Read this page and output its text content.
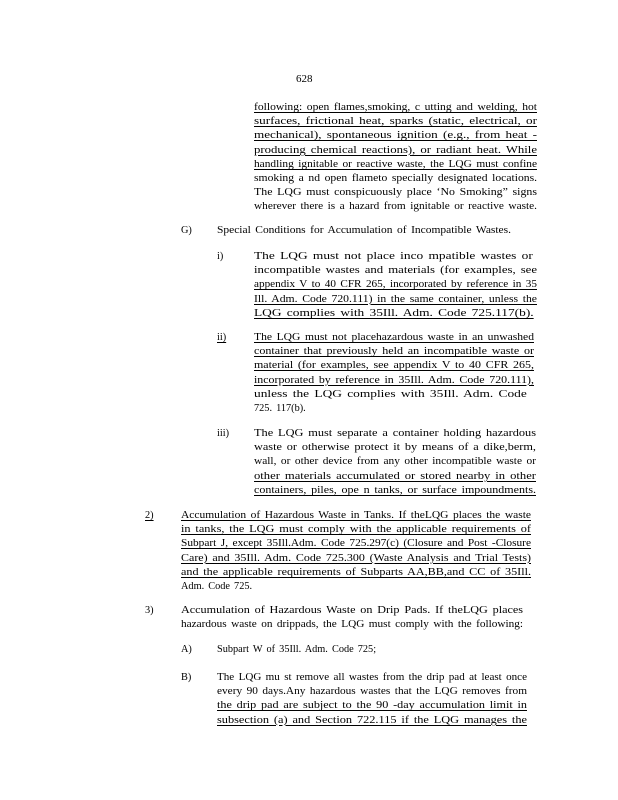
628
G)
i)
ii)
iii)
2)
3)
A)
B)
following: open flames,smoking, c utting and welding, hot
surfaces, frictional heat, sparks (static, electrical, or
mechanical), spontaneous ignition (e.g., from heat -
producing chemical reactions), or radiant heat. While
handling ignitable or reactive waste, the LQG must confine
smoking a nd open flameto specially designated locations.
The LQG must conspicuously place ‘No Smoking” signs
wherever there is a hazard from ignitable or reactive waste.
Special Conditions for Accumulation of Incompatible Wastes.
The LQG must not place inco mpatible wastes or
incompatible wastes and materials (for examples, see
appendix V to 40 CFR 265, incorporated by reference in 35
Ill. Adm. Code 720.111) in the same container, unless the
LQG complies with 35Ill. Adm. Code 725.117(b).
The LQG must not placehazardous waste in an unwashed
container that previously held an incompatible waste or
material (for examples, see appendix V to 40 CFR 265,
incorporated by reference in 35Ill. Adm. Code 720.111),
unless the LQG complies with 35Ill. Adm. Code
725. 117(b).
The LQG must separate a container holding hazardous
waste or otherwise protect it by means of a dike,berm,
wall, or other device from any other incompatible waste or
other materials accumulated or stored nearby in other
containers, piles, ope n tanks, or surface impoundments.
Accumulation of Hazardous Waste in Tanks. If theLQG places the waste
in tanks, the LQG must comply with the applicable requirements of
Subpart J, except 35Ill.Adm. Code 725.297(c) (Closure and Post -Closure
Care) and 35Ill. Adm. Code 725.300 (Waste Analysis and Trial Tests)
and the applicable requirements of Subparts AA,BB,and CC of 35Ill.
Adm. Code 725.
Accumulation of Hazardous Waste on Drip Pads. If theLQG places
hazardous waste on drippads, the LQG must comply with the following:
Subpart W of 35Ill. Adm. Code 725;
The LQG mu st remove all wastes from the drip pad at least once
every 90 days.Any hazardous wastes that the LQG removes from
the drip pad are subject to the 90 -day accumulation limit in
subsection (a) and Section 722.115 if the LQG manages the
